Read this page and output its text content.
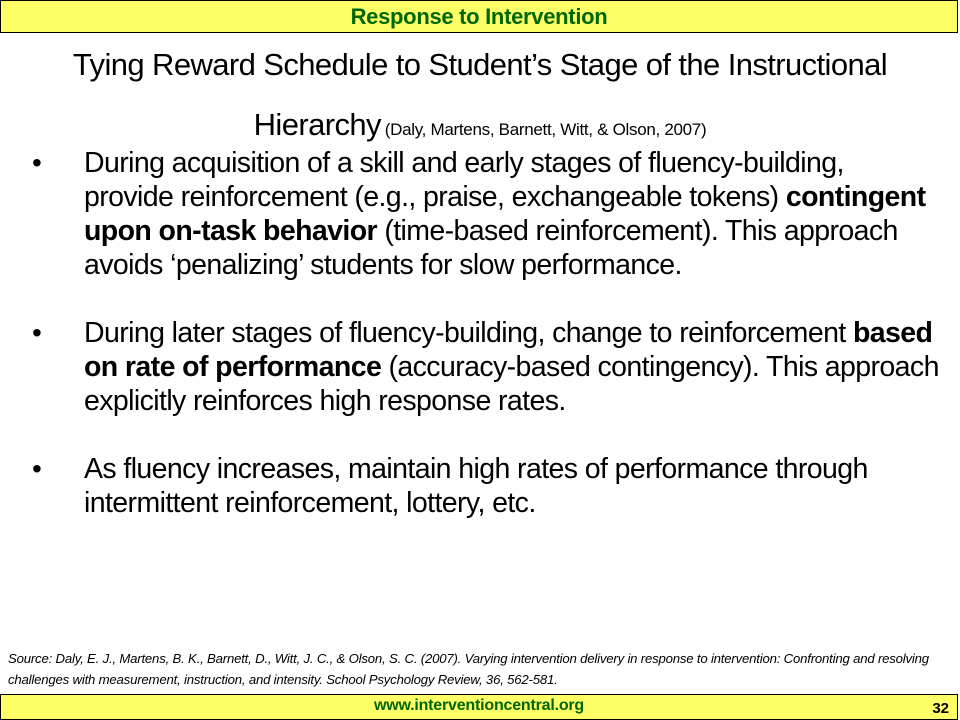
Response to Intervention
Tying Reward Schedule to Student’s Stage of the Instructional Hierarchy (Daly, Martens, Barnett, Witt, & Olson, 2007)
•	During acquisition of a skill and early stages of fluency-building, provide reinforcement (e.g., praise, exchangeable tokens) contingent upon on-task behavior (time-based reinforcement). This approach avoids ‘penalizing’ students for slow performance.
•	During later stages of fluency-building, change to reinforcement based on rate of performance (accuracy-based contingency). This approach explicitly reinforces high response rates.
•	As fluency increases, maintain high rates of performance through intermittent reinforcement, lottery, etc.
Source: Daly, E. J., Martens, B. K., Barnett, D., Witt, J. C., & Olson, S. C. (2007). Varying intervention delivery in response to intervention: Confronting and resolving challenges with measurement, instruction, and intensity. School Psychology Review, 36, 562-581.
www.interventioncentral.org	32
